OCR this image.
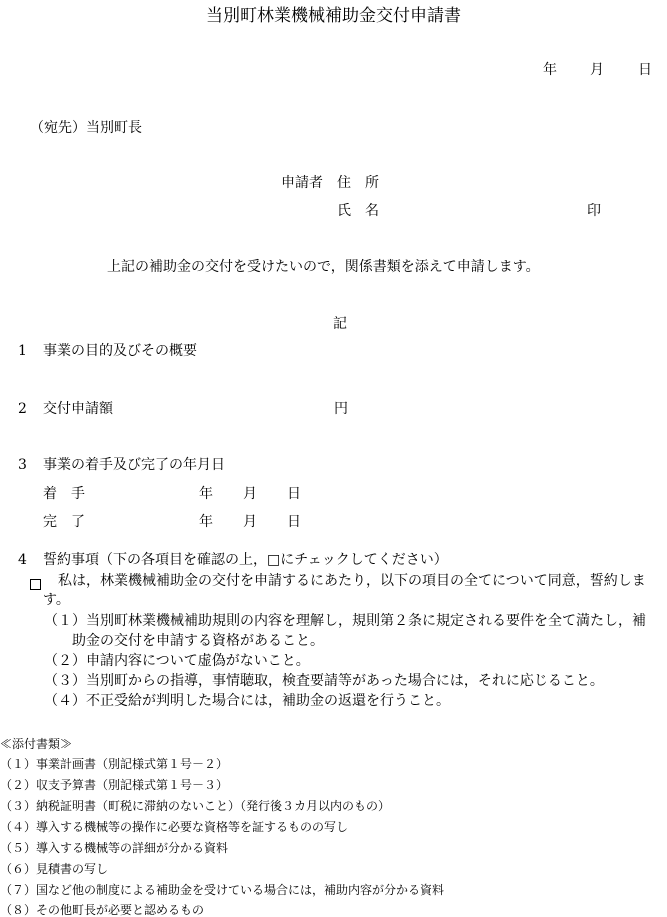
当別町林業機械補助金交付申請書
年 月 日
（宛先）当別町長
申請者 住　所
氏　名	印
上記の補助金の交付を受けたいので，関係書類を添えて申請します。
記
1 事業の目的及びその概要
2 交付申請額	円
3 事業の着手及び完了の年月日
着　手	年 月 日
完　了	年 月 日
4 誓約事項（下の各項目を確認の上，□にチェックしてください）
私は，林業機械補助金の交付を申請するにあたり，以下の項目の全てについて同意，誓約しま
す。
（１）当別町林業機械補助規則の内容を理解し，規則第２条に規定される要件を全て満たし，補
助金の交付を申請する資格があること。
（２）申請内容について虚偽がないこと。
（３）当別町からの指導，事情聴取，検査要請等があった場合には，それに応じること。
（４）不正受給が判明した場合には，補助金の返還を行うこと。
≪添付書類≫
（１）事業計画書（別記様式第１号－２）
（２）収支予算書（別記様式第１号－３）
（３）納税証明書（町税に滞納のないこと）（発行後３カ月以内のもの）
（４）導入する機械等の操作に必要な資格等を証するものの写し
（５）導入する機械等の詳細が分かる資料
（６）見積書の写し
（７）国など他の制度による補助金を受けている場合には，補助内容が分かる資料
（８）その他町長が必要と認めるもの
